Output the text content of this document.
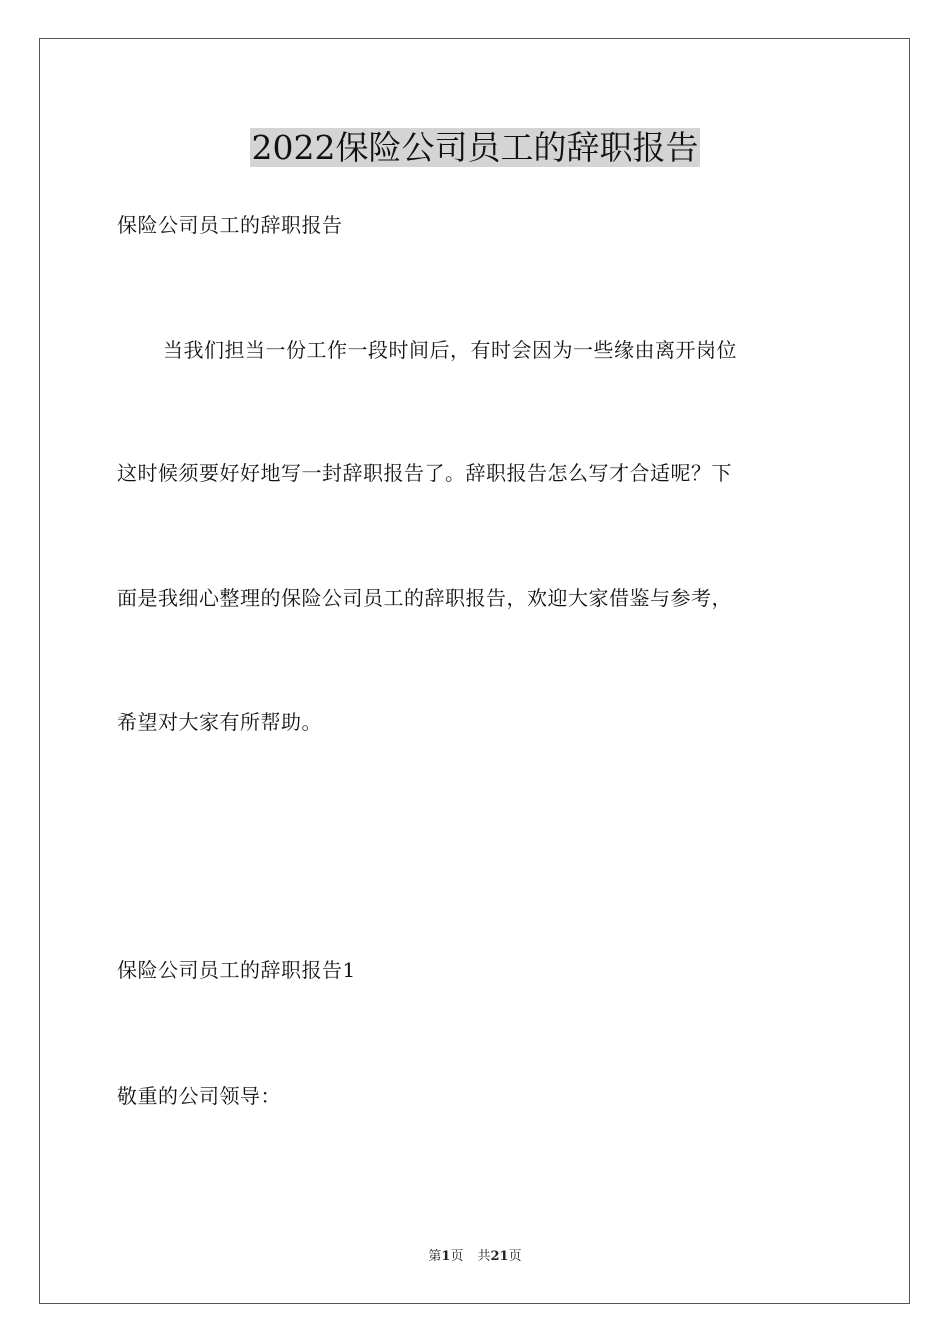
2022保险公司员工的辞职报告
保险公司员工的辞职报告
当我们担当一份工作一段时间后，有时会因为一些缘由离开岗位
这时候须要好好地写一封辞职报告了。辞职报告怎么写才合适呢？下
面是我细心整理的保险公司员工的辞职报告，欢迎大家借鉴与参考，
希望对大家有所帮助。
保险公司员工的辞职报告1
敬重的公司领导：
第1页 共21页
